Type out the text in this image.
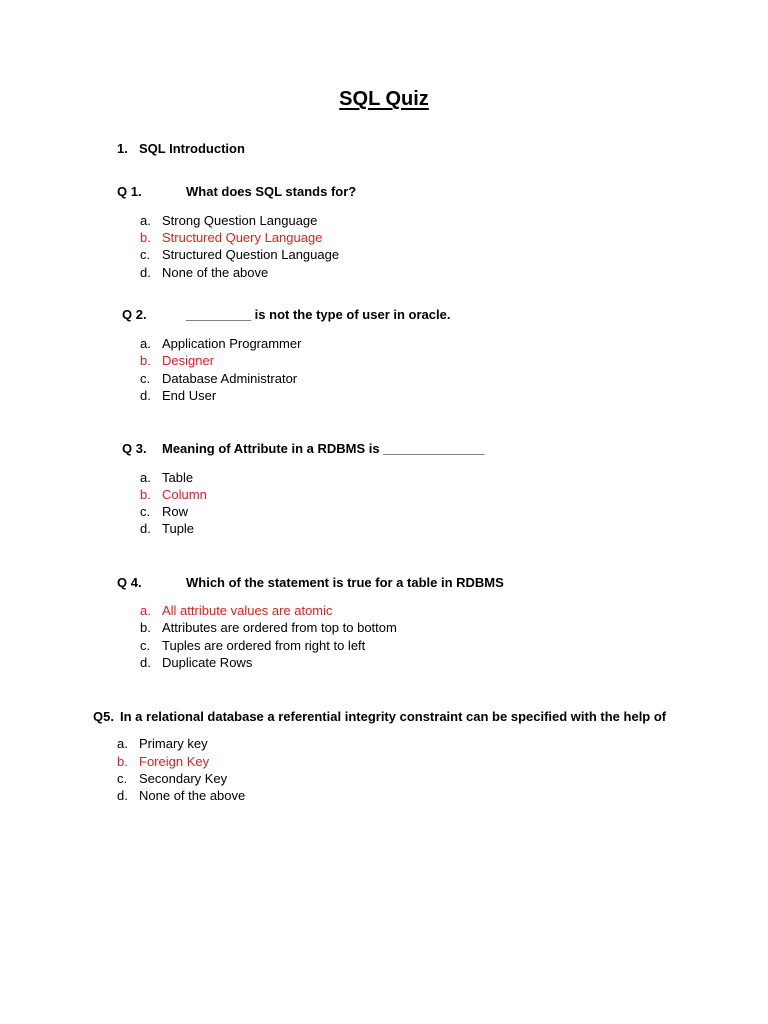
SQL Quiz
1. SQL Introduction
Q 1.	What does SQL stands for?
a. Strong Question Language
b. Structured Query Language
c. Structured Question Language
d. None of the above
Q 2.	_________ is not the type of user in oracle.
a. Application Programmer
b. Designer
c. Database Administrator
d. End User
Q 3. Meaning of Attribute in a RDBMS is ______________
a. Table
b. Column
c. Row
d. Tuple
Q 4.	Which of the statement is true for a table in RDBMS
a. All attribute values are atomic
b. Attributes are ordered from top to bottom
c. Tuples are ordered from right to left
d. Duplicate Rows
Q5. In a relational database a referential integrity constraint can be specified with the help of
a. Primary key
b. Foreign Key
c. Secondary Key
d. None of the above
